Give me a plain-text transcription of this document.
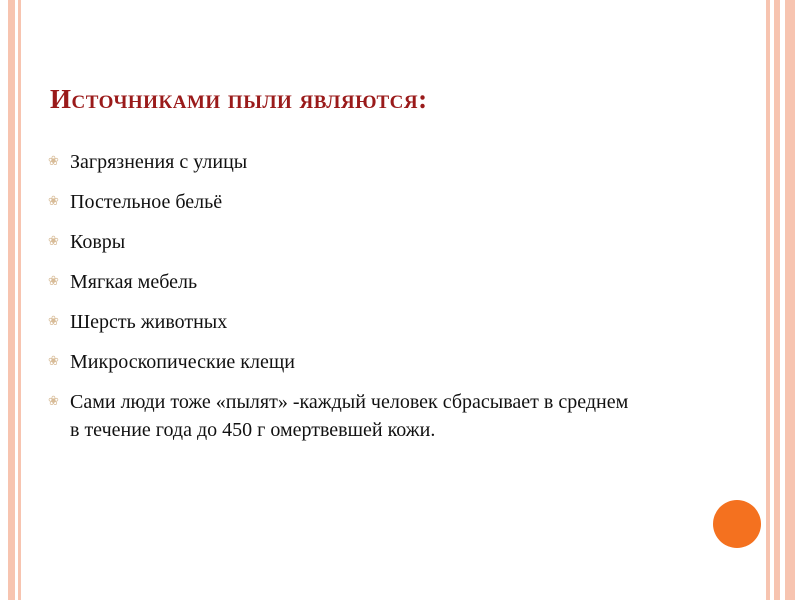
Источниками пыли являются:
❀ Загрязнения с улицы
❀ Постельное бельё
❀ Ковры
❀ Мягкая мебель
❀ Шерсть животных
❀ Микроскопические клещи
❀ Сами люди тоже «пылят» -каждый человек сбрасывает в среднем в течение года до 450 г омертвевшей кожи.
